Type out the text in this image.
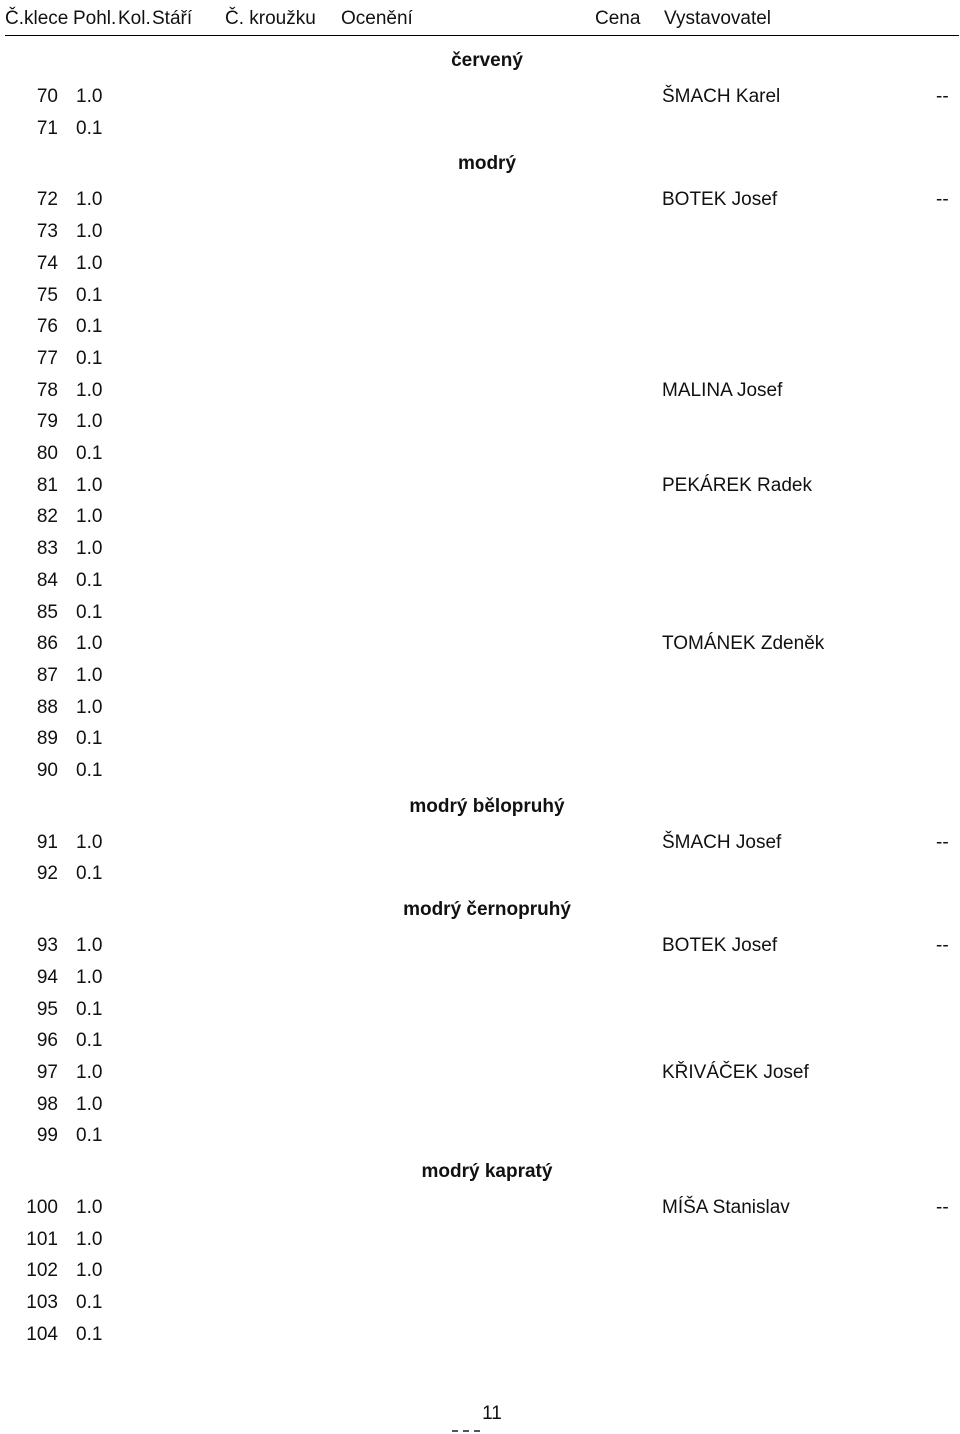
Č.klece Pohl. Kol. Stáří Č. kroužku Ocenění	Cena Vystavovatel
červený
70 1.0	ŠMACH Karel	--
71 0.1
modrý
72 1.0	BOTEK Josef	--
73 1.0
74 1.0
75 0.1
76 0.1
77 0.1
78 1.0	MALINA Josef
79 1.0
80 0.1
81 1.0	PEKÁREK Radek
82 1.0
83 1.0
84 0.1
85 0.1
86 1.0	TOMÁNEK Zdeněk
87 1.0
88 1.0
89 0.1
90 0.1
modrý bělopruhý
91 1.0	ŠMACH Josef	--
92 0.1
modrý černopruhý
93 1.0	BOTEK Josef	--
94 1.0
95 0.1
96 0.1
97 1.0	KŘIVÁČEK Josef
98 1.0
99 0.1
modrý kapratý
100 1.0	MÍŠA Stanislav	--
101 1.0
102 1.0
103 0.1
104 0.1
11
